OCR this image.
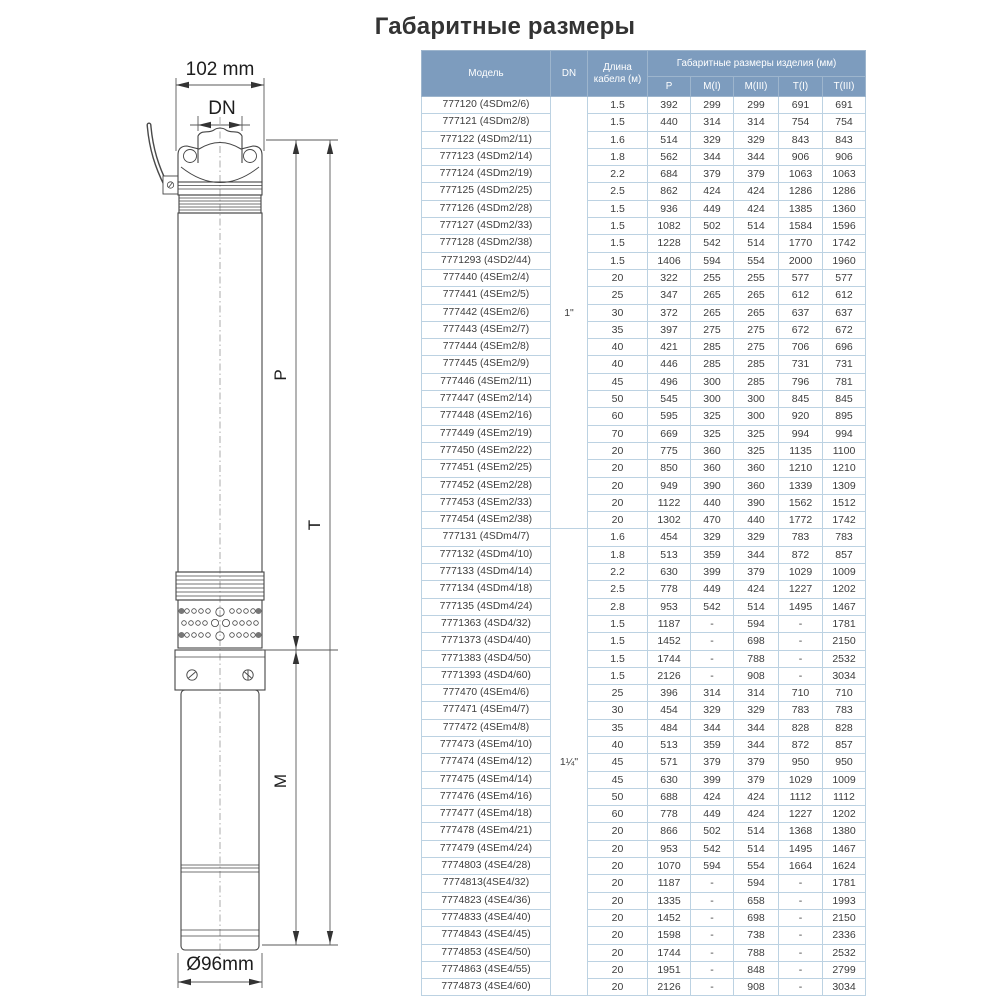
Габаритные размеры
102 mm
DN
P
T
M
Ø96mm
Модель	DN	Длина кабеля (м)	Габаритные размеры изделия (мм)				
			P	M(I)	M(III)	T(I)	T(III)
777120 (4SDm2/6)	1"	1.5	392	299	299	691	691
777121 (4SDm2/8)		1.5	440	314	314	754	754
777122 (4SDm2/11)		1.6	514	329	329	843	843
777123 (4SDm2/14)		1.8	562	344	344	906	906
777124 (4SDm2/19)		2.2	684	379	379	1063	1063
777125 (4SDm2/25)		2.5	862	424	424	1286	1286
777126 (4SDm2/28)		1.5	936	449	424	1385	1360
777127 (4SDm2/33)		1.5	1082	502	514	1584	1596
777128 (4SDm2/38)		1.5	1228	542	514	1770	1742
7771293 (4SD2/44)		1.5	1406	594	554	2000	1960
777440 (4SEm2/4)		20	322	255	255	577	577
777441 (4SEm2/5)		25	347	265	265	612	612
777442 (4SEm2/6)		30	372	265	265	637	637
777443 (4SEm2/7)		35	397	275	275	672	672
777444 (4SEm2/8)		40	421	285	275	706	696
777445 (4SEm2/9)		40	446	285	285	731	731
777446 (4SEm2/11)		45	496	300	285	796	781
777447 (4SEm2/14)		50	545	300	300	845	845
777448 (4SEm2/16)		60	595	325	300	920	895
777449 (4SEm2/19)		70	669	325	325	994	994
777450 (4SEm2/22)		20	775	360	325	1135	1100
777451 (4SEm2/25)		20	850	360	360	1210	1210
777452 (4SEm2/28)		20	949	390	360	1339	1309
777453 (4SEm2/33)		20	1122	440	390	1562	1512
777454 (4SEm2/38)		20	1302	470	440	1772	1742
777131 (4SDm4/7)	1¼"	1.6	454	329	329	783	783
777132 (4SDm4/10)		1.8	513	359	344	872	857
777133 (4SDm4/14)		2.2	630	399	379	1029	1009
777134 (4SDm4/18)		2.5	778	449	424	1227	1202
777135 (4SDm4/24)		2.8	953	542	514	1495	1467
7771363 (4SD4/32)		1.5	1187	-	594	-	1781
7771373 (4SD4/40)		1.5	1452	-	698	-	2150
7771383 (4SD4/50)		1.5	1744	-	788	-	2532
7771393 (4SD4/60)		1.5	2126	-	908	-	3034
777470 (4SEm4/6)		25	396	314	314	710	710
777471 (4SEm4/7)		30	454	329	329	783	783
777472 (4SEm4/8)		35	484	344	344	828	828
777473 (4SEm4/10)		40	513	359	344	872	857
777474 (4SEm4/12)		45	571	379	379	950	950
777475 (4SEm4/14)		45	630	399	379	1029	1009
777476 (4SEm4/16)		50	688	424	424	1112	1112
777477 (4SEm4/18)		60	778	449	424	1227	1202
777478 (4SEm4/21)		20	866	502	514	1368	1380
777479 (4SEm4/24)		20	953	542	514	1495	1467
7774803 (4SE4/28)		20	1070	594	554	1664	1624
7774813(4SE4/32)		20	1187	-	594	-	1781
7774823 (4SE4/36)		20	1335	-	658	-	1993
7774833 (4SE4/40)		20	1452	-	698	-	2150
7774843 (4SE4/45)		20	1598	-	738	-	2336
7774853 (4SE4/50)		20	1744	-	788	-	2532
7774863 (4SE4/55)		20	1951	-	848	-	2799
7774873 (4SE4/60)		20	2126	-	908	-	3034
